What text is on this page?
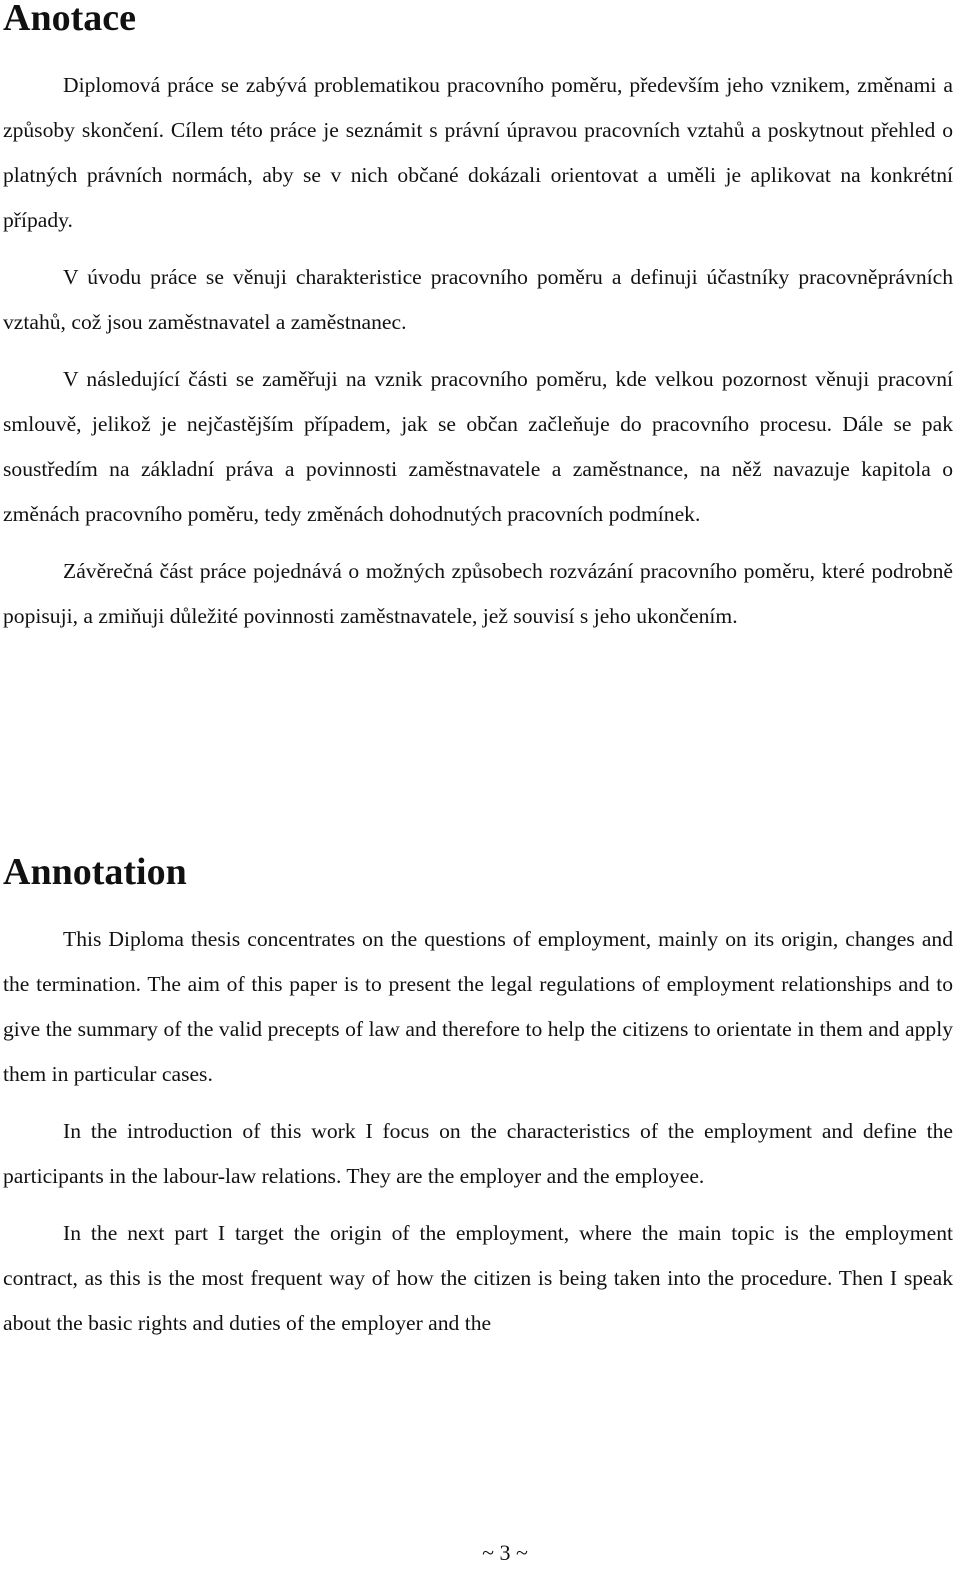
Anotace

Diplomová práce se zabývá problematikou pracovního poměru, především jeho vznikem, změnami a způsoby skončení. Cílem této práce je seznámit s právní úpravou pracovních vztahů a poskytnout přehled o platných právních normách, aby se v nich občané dokázali orientovat a uměli je aplikovat na konkrétní případy.

V úvodu práce se věnuji charakteristice pracovního poměru a definuji účastníky pracovněprávních vztahů, což jsou zaměstnavatel a zaměstnanec.

V následující části se zaměřuji na vznik pracovního poměru, kde velkou pozornost věnuji pracovní smlouvě, jelikož je nejčastějším případem, jak se občan začleňuje do pracovního procesu. Dále se pak soustředím na základní práva a povinnosti zaměstnavatele a zaměstnance, na něž navazuje kapitola o změnách pracovního poměru, tedy změnách dohodnutých pracovních podmínek.

Závěrečná část práce pojednává o možných způsobech rozvázání pracovního poměru, které podrobně popisuji, a zmiňuji důležité povinnosti zaměstnavatele, jež souvisí s jeho ukončením.

Annotation

This Diploma thesis concentrates on the questions of employment, mainly on its origin, changes and the termination. The aim of this paper is to present the legal regulations of employment relationships and to give the summary of the valid precepts of law and therefore to help the citizens to orientate in them and apply them in particular cases.

In the introduction of this work I focus on the characteristics of the employment and define the participants in the labour-law relations. They are the employer and the employee.

In the next part I target the origin of the employment, where the main topic is the employment contract, as this is the most frequent way of how the citizen is being taken into the procedure. Then I speak about the basic rights and duties of the employer and the

~ 3 ~
